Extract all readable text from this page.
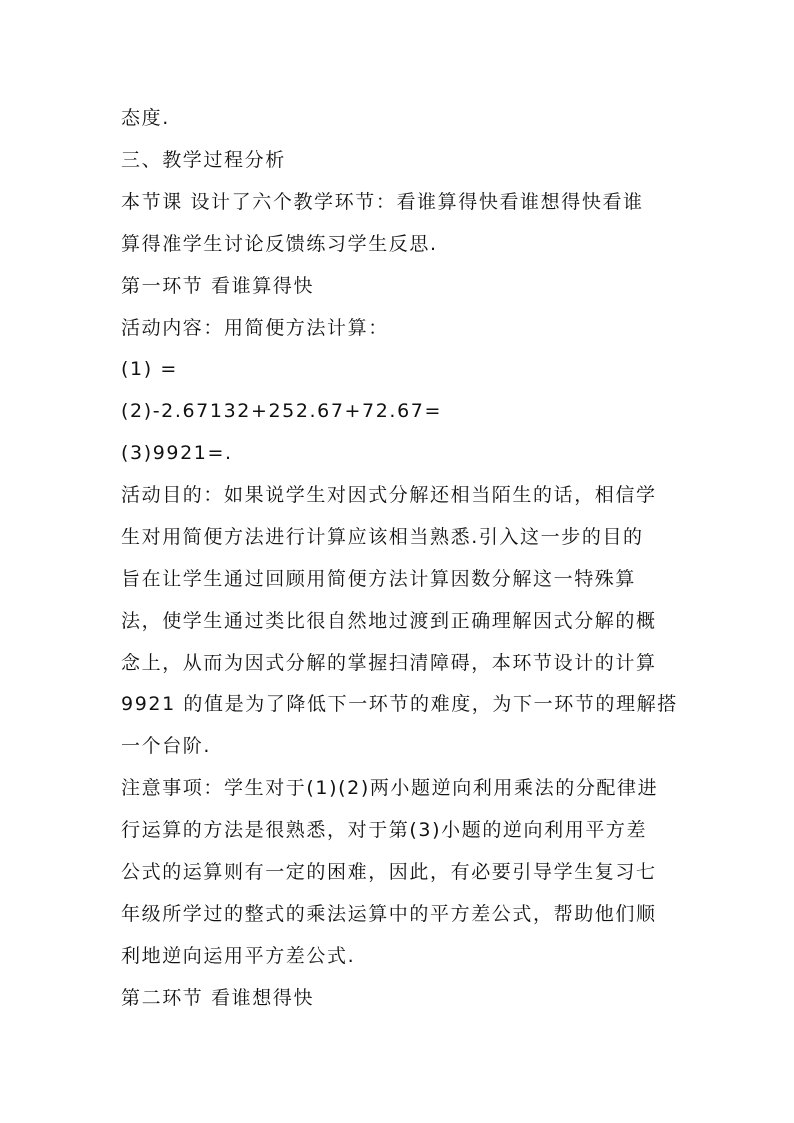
态度.
三、教学过程分析
本节课 设计了六个教学环节：看谁算得快看谁想得快看谁
算得准学生讨论反馈练习学生反思.
第一环节 看谁算得快
活动内容：用简便方法计算：
(1) =
(2)-2.67132+252.67+72.67=
(3)9921=.
活动目的：如果说学生对因式分解还相当陌生的话，相信学
生对用简便方法进行计算应该相当熟悉.引入这一步的目的
旨在让学生通过回顾用简便方法计算因数分解这一特殊算
法，使学生通过类比很自然地过渡到正确理解因式分解的概
念上，从而为因式分解的掌握扫清障碍，本环节设计的计算
9921 的值是为了降低下一环节的难度，为下一环节的理解搭
一个台阶.
注意事项：学生对于(1)(2)两小题逆向利用乘法的分配律进
行运算的方法是很熟悉，对于第(3)小题的逆向利用平方差
公式的运算则有一定的困难，因此，有必要引导学生复习七
年级所学过的整式的乘法运算中的平方差公式，帮助他们顺
利地逆向运用平方差公式.
第二环节 看谁想得快
